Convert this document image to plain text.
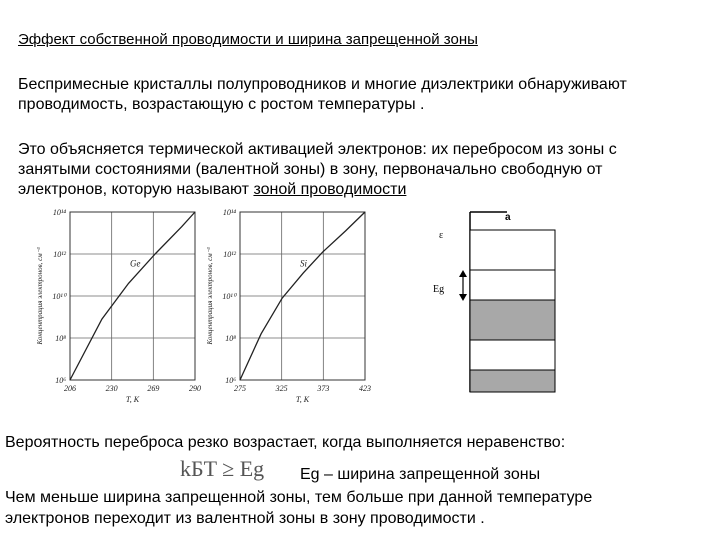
Эффект собственной проводимости и ширина запрещенной зоны
Беспримесные кристаллы полупроводников и многие диэлектрики обнаруживают
проводимость, возрастающую с ростом температуры .
Это объясняется термической активацией электронов: их переброcом из зоны с
занятыми состояниями (валентной зоны) в зону, первоначально свободную от
электронов, которую называют зоной проводимости
10¹⁴
10¹²
10¹⁰
10⁸
10⁶
206	230	269	290
Ge
T, K
Концентрация электронов, см⁻³
10¹⁴
10¹²
10¹⁰
10⁸
10⁶
275	325	373	423
Si
T, K
Концентрация электронов, см⁻³
a
ε
Eg
Вероятность переброса резко возрастает, когда выполняется неравенство:
kБT ≥ Eg Eg – ширина запрещенной зоны
Чем меньше ширина запрещенной зоны, тем больше при данной температуре
электронов переходит из валентной зоны в зону проводимости .
